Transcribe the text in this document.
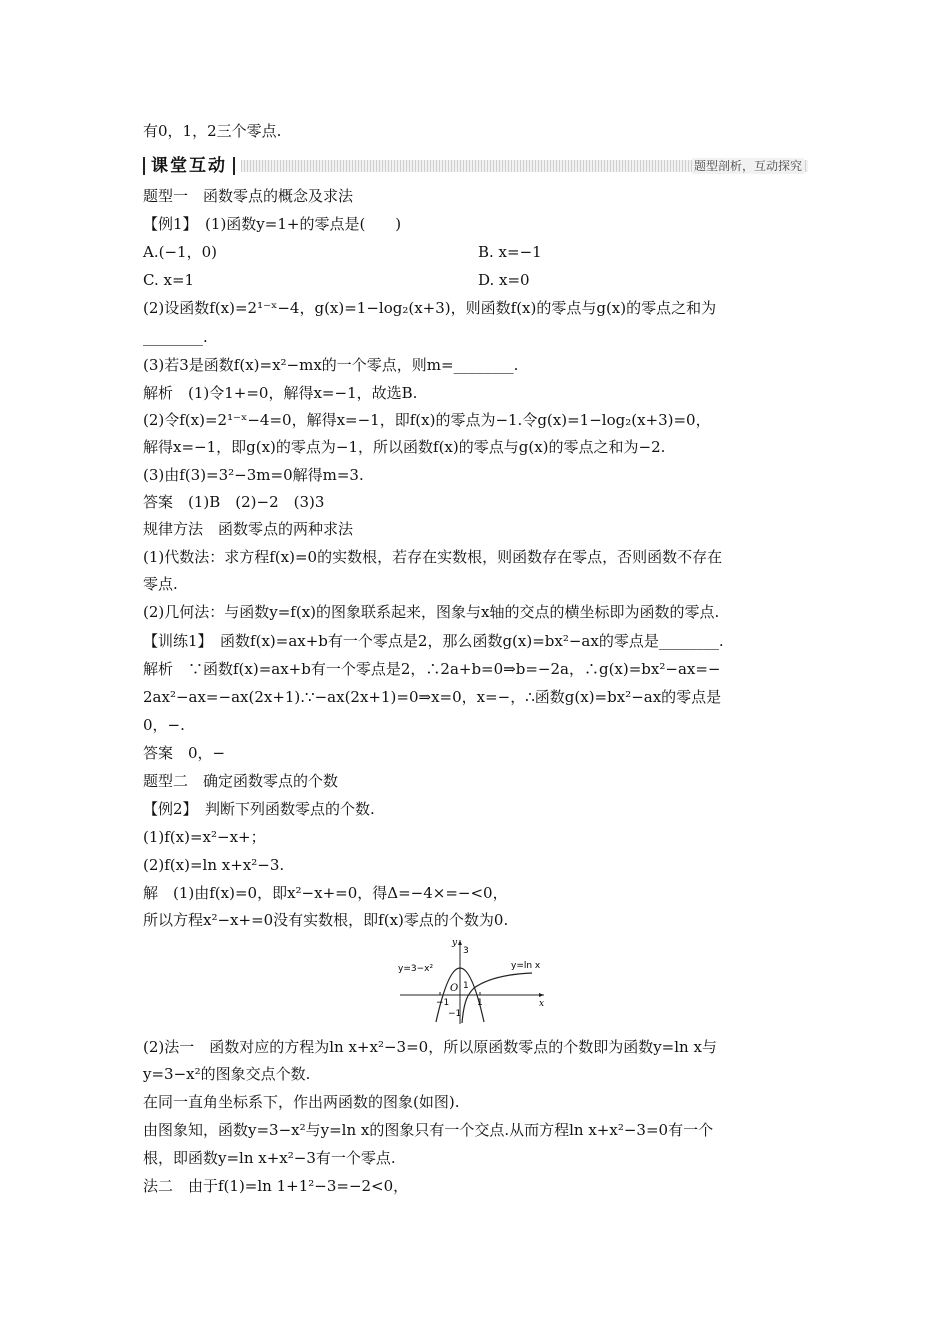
有0，1，2三个零点.
课堂互动	题型剖析，互动探究
题型一　函数零点的概念及求法
【例1】　(1)函数y=1+的零点是(　　)
A.(−1，0)	B. x=−1
C. x=1	D. x=0
(2)设函数f(x)=2¹⁻ˣ−4，g(x)=1−log₂(x+3)，则函数f(x)的零点与g(x)的零点之和为
________.
(3)若3是函数f(x)=x²−mx的一个零点，则m=________.
解析　(1)令1+=0，解得x=−1，故选B.
(2)令f(x)=2¹⁻ˣ−4=0，解得x=−1，即f(x)的零点为−1.令g(x)=1−log₂(x+3)=0，
解得x=−1，即g(x)的零点为−1，所以函数f(x)的零点与g(x)的零点之和为−2.
(3)由f(3)=3²−3m=0解得m=3.
答案　(1)B　(2)−2　(3)3
规律方法　函数零点的两种求法
(1)代数法：求方程f(x)=0的实数根，若存在实数根，则函数存在零点，否则函数不存在
零点.
(2)几何法：与函数y=f(x)的图象联系起来，图象与x轴的交点的横坐标即为函数的零点.
【训练1】　函数f(x)=ax+b有一个零点是2，那么函数g(x)=bx²−ax的零点是________.
解析　∵函数f(x)=ax+b有一个零点是2，∴2a+b=0⇒b=−2a，∴g(x)=bx²−ax=−
2ax²−ax=−ax(2x+1).∵−ax(2x+1)=0⇒x=0，x=−，∴函数g(x)=bx²−ax的零点是
0，−.
答案　0，−
题型二　确定函数零点的个数
【例2】　判断下列函数零点的个数.
(1)f(x)=x²−x+；
(2)f(x)=ln x+x²−3.
解　(1)由f(x)=0，即x²−x+=0，得Δ=−4×=−<0，
所以方程x²−x+=0没有实数根，即f(x)零点的个数为0.
y=3−x²	y=ln x
y
x
3
1
O
−1	1
−1
(2)法一　函数对应的方程为ln x+x²−3=0，所以原函数零点的个数即为函数y=ln x与
y=3−x²的图象交点个数.
在同一直角坐标系下，作出两函数的图象(如图).
由图象知，函数y=3−x²与y=ln x的图象只有一个交点.从而方程ln x+x²−3=0有一个
根，即函数y=ln x+x²−3有一个零点.
法二　由于f(1)=ln 1+1²−3=−2<0，
